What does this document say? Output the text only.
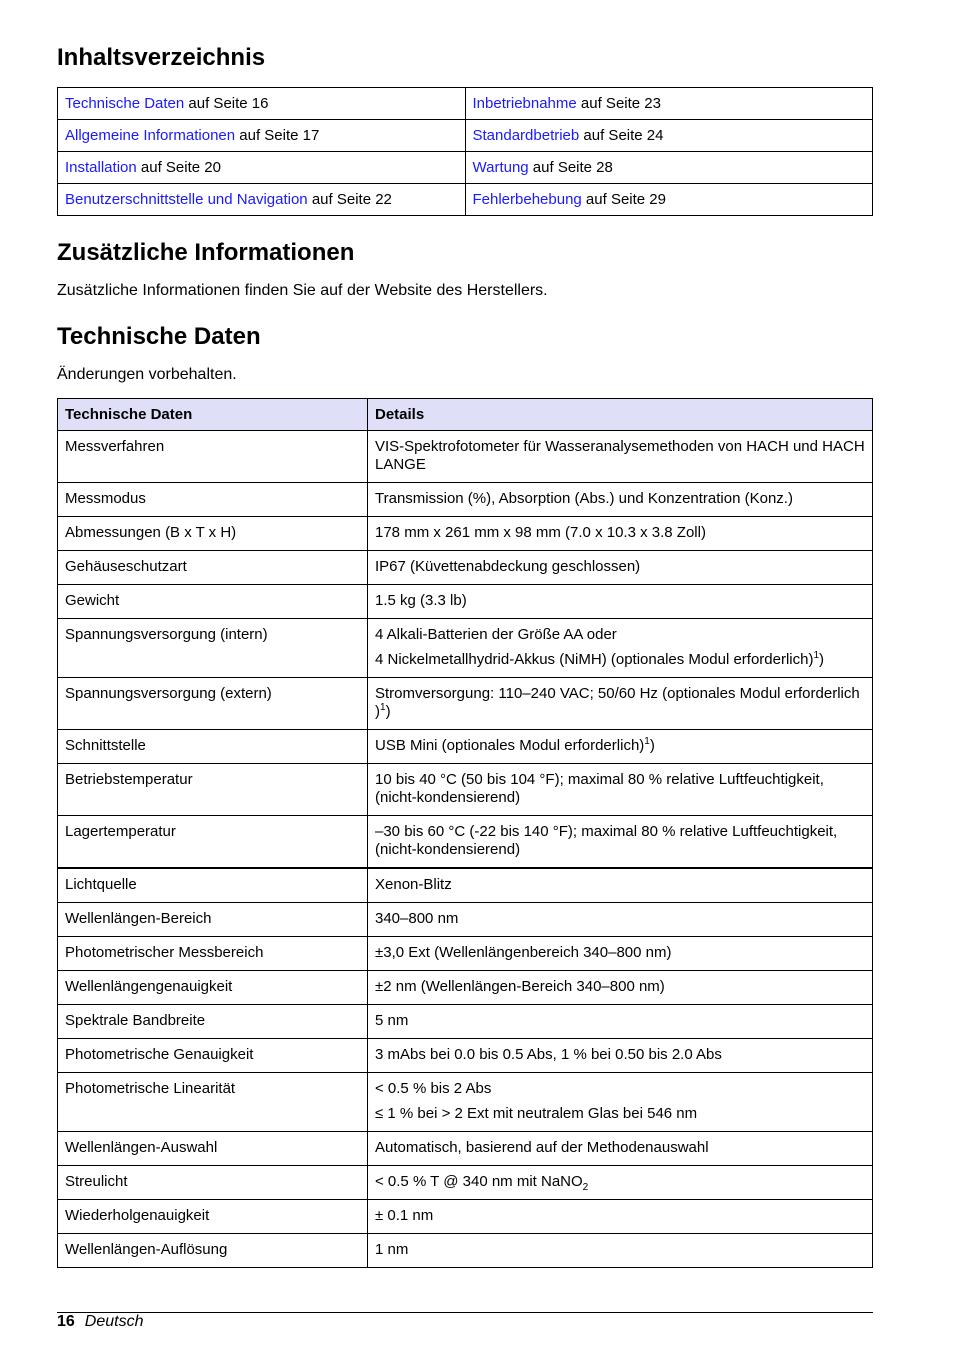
Inhaltsverzeichnis
Technische Daten auf Seite 16	Inbetriebnahme auf Seite 23
Allgemeine Informationen auf Seite 17	Standardbetrieb auf Seite 24
Installation auf Seite 20	Wartung auf Seite 28
Benutzerschnittstelle und Navigation auf Seite 22	Fehlerbehebung auf Seite 29
Zusätzliche Informationen
Zusätzliche Informationen finden Sie auf der Website des Herstellers.
Technische Daten
Änderungen vorbehalten.
Technische Daten	Details
Messverfahren	VIS-Spektrofotometer für Wasseranalysemethoden von HACH und HACH LANGE

Messmodus	Transmission (%), Absorption (Abs.) und Konzentration (Konz.)

Abmessungen (B x T x H)	178 mm x 261 mm x 98 mm (7.0 x 10.3 x 3.8 Zoll)

Gehäuseschutzart	IP67 (Küvettenabdeckung geschlossen)

Gewicht	1.5 kg (3.3 lb)

Spannungsversorgung (intern)	4 Alkali-Batterien der Größe AA oder

4 Nickelmetallhydrid-Akkus (NiMH) (optionales Modul erforderlich)$^1$)

Spannungsversorgung (extern)	Stromversorgung: 110–240 VAC; 50/60 Hz (optionales Modul erforderlich )$^1$)

Schnittstelle	USB Mini (optionales Modul erforderlich)$^1$)

Betriebstemperatur	10 bis 40 °C (50 bis 104 °F); maximal 80 % relative Luftfeuchtigkeit, (nicht-kondensierend)

Lagertemperatur	–30 bis 60 °C (-22 bis 140 °F); maximal 80 % relative Luftfeuchtigkeit, (nicht-kondensierend)

Lichtquelle	Xenon-Blitz

Wellenlängen-Bereich	340–800 nm

Photometrischer Messbereich	±3,0 Ext (Wellenlängenbereich 340–800 nm)

Wellenlängengenauigkeit	±2 nm (Wellenlängen-Bereich 340–800 nm)

Spektrale Bandbreite	5 nm

Photometrische Genauigkeit	3 mAbs bei 0.0 bis 0.5 Abs, 1 % bei 0.50 bis 2.0 Abs

Photometrische Linearität	< 0.5 % bis 2 Abs

≤ 1 % bei > 2 Ext mit neutralem Glas bei 546 nm

Wellenlängen-Auswahl	Automatisch, basierend auf der Methodenauswahl

Streulicht	< 0.5 % T @ 340 nm mit NaNO$_2$

Wiederholgenauigkeit	± 0.1 nm

Wellenlängen-Auflösung	1 nm

16 Deutsch
